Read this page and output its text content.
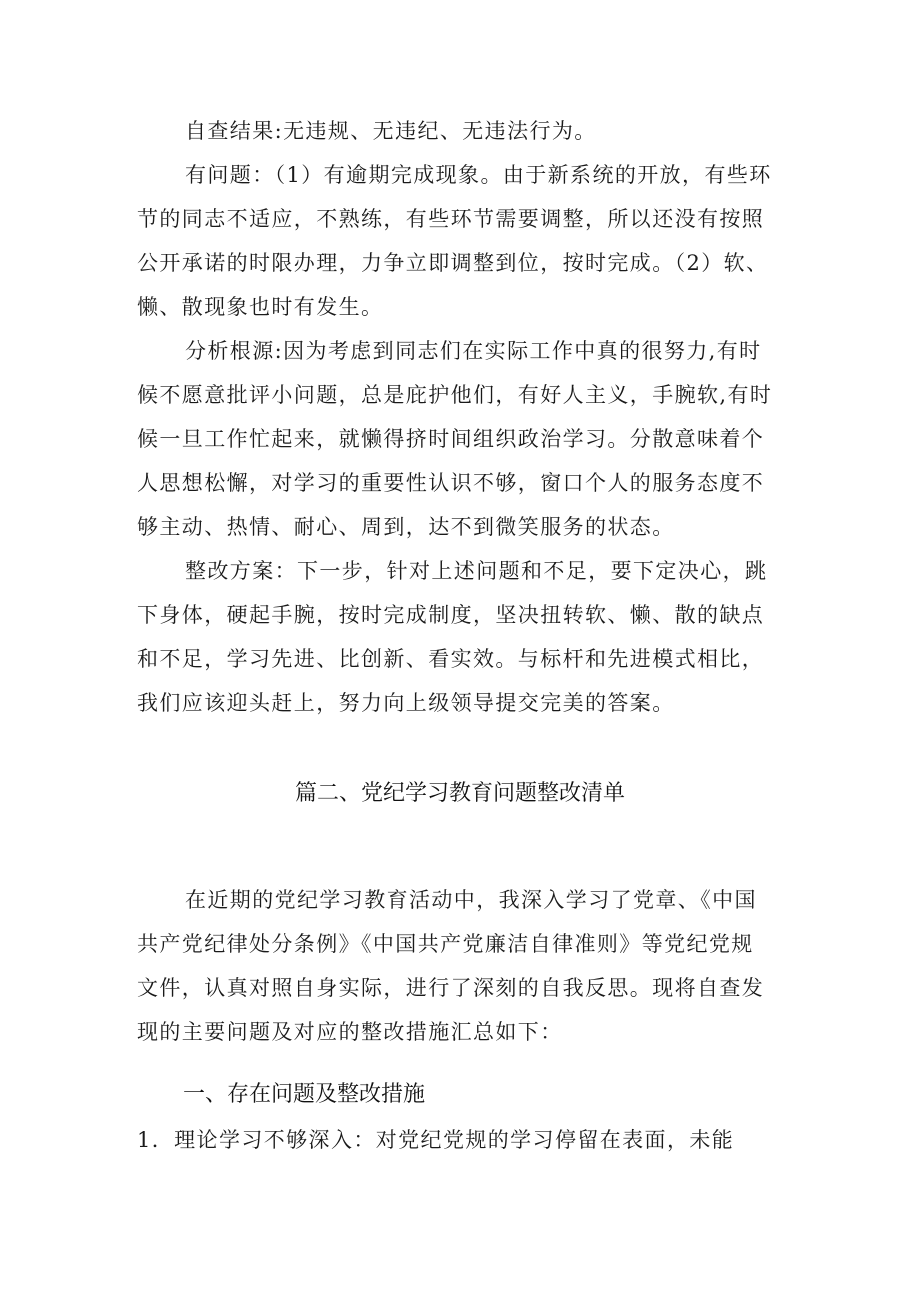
自查结果:无违规、无违纪、无违法行为。
有问题：（1）有逾期完成现象。由于新系统的开放，有些环
节的同志不适应，不熟练，有些环节需要调整，所以还没有按照
公开承诺的时限办理，力争立即调整到位，按时完成。（2）软、
懒、散现象也时有发生。
分析根源:因为考虑到同志们在实际工作中真的很努力,有时
候不愿意批评小问题，总是庇护他们，有好人主义，手腕软,有时
候一旦工作忙起来，就懒得挤时间组织政治学习。分散意味着个
人思想松懈，对学习的重要性认识不够，窗口个人的服务态度不
够主动、热情、耐心、周到，达不到微笑服务的状态。
整改方案：下一步，针对上述问题和不足，要下定决心，跳
下身体，硬起手腕，按时完成制度，坚决扭转软、懒、散的缺点
和不足，学习先进、比创新、看实效。与标杆和先进模式相比，
我们应该迎头赶上，努力向上级领导提交完美的答案。
篇二、党纪学习教育问题整改清单
在近期的党纪学习教育活动中，我深入学习了党章、《中国
共产党纪律处分条例》《中国共产党廉洁自律准则》等党纪党规
文件，认真对照自身实际，进行了深刻的自我反思。现将自查发
现的主要问题及对应的整改措施汇总如下：
一、存在问题及整改措施
1．理论学习不够深入：对党纪党规的学习停留在表面，未能
